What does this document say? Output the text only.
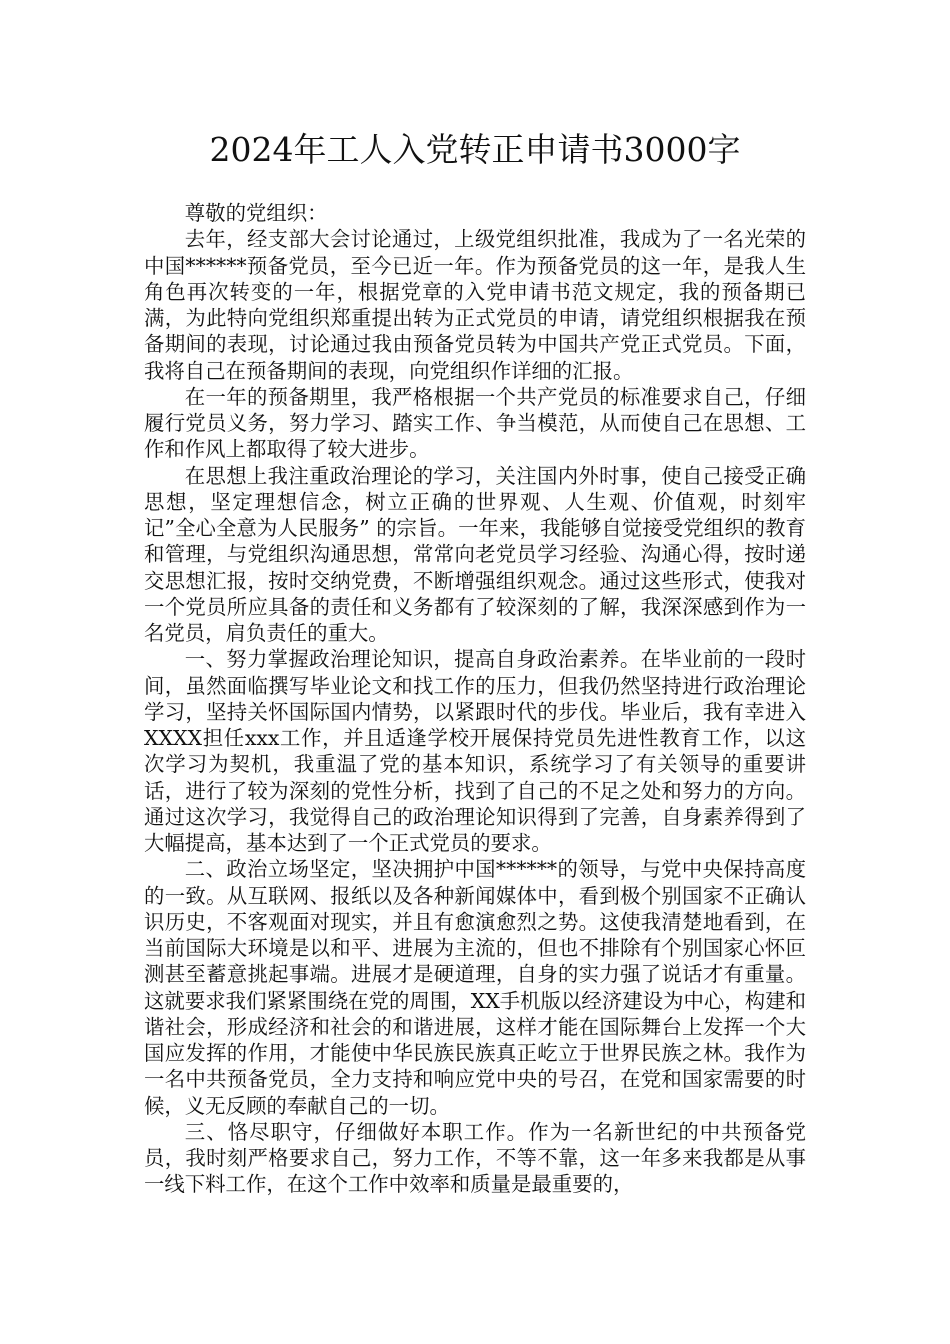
2024年工人入党转正申请书3000字

尊敬的党组织：

去年，经支部大会讨论通过，上级党组织批准，我成为了一名光荣的中国******预备党员，至今已近一年。作为预备党员的这一年，是我人生角色再次转变的一年，根据党章的入党申请书范文规定，我的预备期已满，为此特向党组织郑重提出转为正式党员的申请，请党组织根据我在预备期间的表现，讨论通过我由预备党员转为中国共产党正式党员。下面，我将自己在预备期间的表现，向党组织作详细的汇报。

在一年的预备期里，我严格根据一个共产党员的标准要求自己，仔细履行党员义务，努力学习、踏实工作、争当模范，从而使自己在思想、工作和作风上都取得了较大进步。

在思想上我注重政治理论的学习，关注国内外时事，使自己接受正确思想，坚定理想信念，树立正确的世界观、人生观、价值观，时刻牢记”全心全意为人民服务” 的宗旨。一年来，我能够自觉接受党组织的教育和管理，与党组织沟通思想，常常向老党员学习经验、沟通心得，按时递交思想汇报，按时交纳党费，不断增强组织观念。通过这些形式，使我对一个党员所应具备的责任和义务都有了较深刻的了解，我深深感到作为一名党员，肩负责任的重大。

一、努力掌握政治理论知识，提高自身政治素养。在毕业前的一段时间，虽然面临撰写毕业论文和找工作的压力，但我仍然坚持进行政治理论学习，坚持关怀国际国内情势，以紧跟时代的步伐。毕业后，我有幸进入XXXX担任xxx工作，并且适逢学校开展保持党员先进性教育工作，以这次学习为契机，我重温了党的基本知识，系统学习了有关领导的重要讲话，进行了较为深刻的党性分析，找到了自己的不足之处和努力的方向。通过这次学习，我觉得自己的政治理论知识得到了完善，自身素养得到了大幅提高，基本达到了一个正式党员的要求。

二、政治立场坚定，坚决拥护中国******的领导，与党中央保持高度的一致。从互联网、报纸以及各种新闻媒体中，看到极个别国家不正确认识历史，不客观面对现实，并且有愈演愈烈之势。这使我清楚地看到，在当前国际大环境是以和平、进展为主流的，但也不排除有个别国家心怀叵测甚至蓄意挑起事端。进展才是硬道理，自身的实力强了说话才有重量。这就要求我们紧紧围绕在党的周围，XX手机版以经济建设为中心，构建和谐社会，形成经济和社会的和谐进展，这样才能在国际舞台上发挥一个大国应发挥的作用，才能使中华民族民族真正屹立于世界民族之林。我作为一名中共预备党员，全力支持和响应党中央的号召，在党和国家需要的时候，义无反顾的奉献自己的一切。

三、恪尽职守，仔细做好本职工作。作为一名新世纪的中共预备党员，我时刻严格要求自己，努力工作，不等不靠，这一年多来我都是从事一线下料工作，在这个工作中效率和质量是最重要的，
